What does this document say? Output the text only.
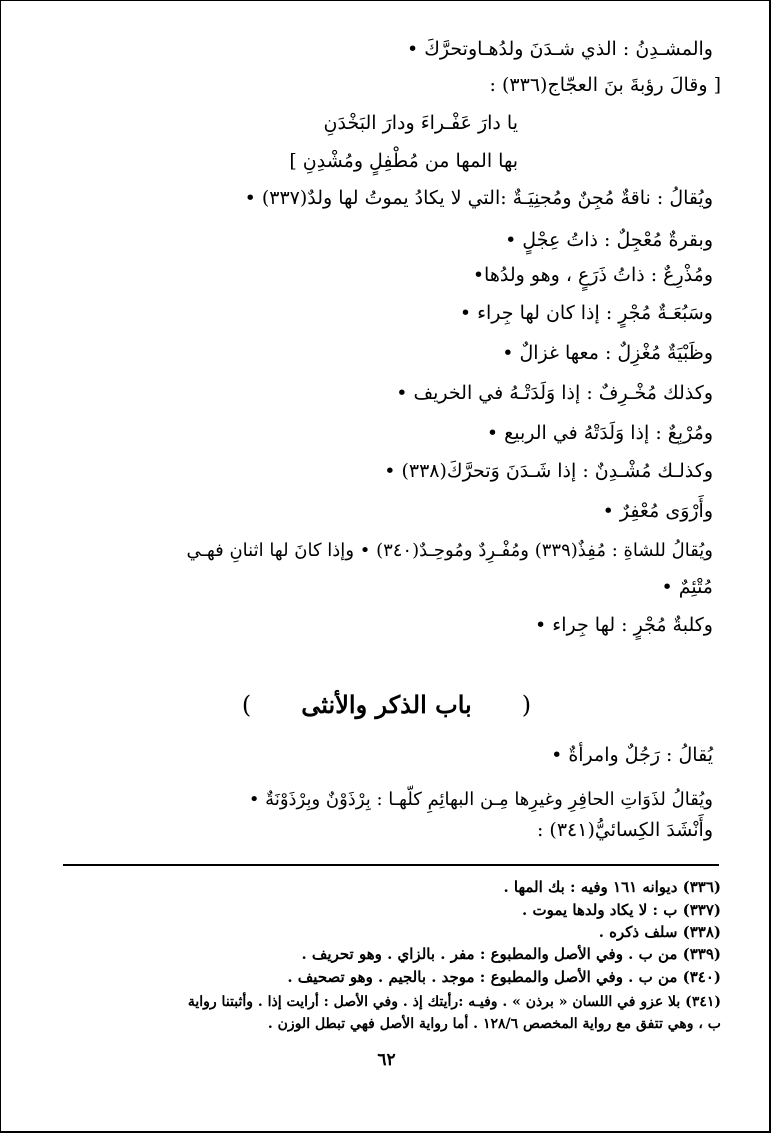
والمشـدِنُ : الذي شـدَنَ ولدُهـاوتحرَّكَ •
[ وقالَ رؤبةَ بنَ العجّاج(٣٣٦) :
يا دارَ عَفْـراءَ ودارَ البَخْدَنِ
بها المها من مُطْفِلٍ ومُشْدِنِ ]
ويُقالُ : ناقةٌ مُجِنٌ ومُجنِيَـةٌ :التي لا يكادُ يموتُ لها ولدٌ(٣٣٧) •
وبقرةٌ مُعْجِلٌ : ذاتُ عِجْلٍ •
ومُذْرِعٌ : ذاتُ ذَرَعٍ ، وهو ولدُها•
وسَبُعَـةٌ مُجْرٍ : إذا كان لها جِراء •
وظَبْيَةٌ مُغْزِلٌ : معها غزالٌ •
وكذلك مُخْـرِفٌ : إذا وَلَدَتْـهُ في الخريف •
ومُرْبِعٌ : إذا وَلَدَتْهُ في الربيع •
وكذلـك مُشْـدِنٌ : إذا شَـدَنَ وَتحرَّكَ(٣٣٨) •
وأَرْوَى مُعْفِرٌ •
ويُقالُ للشاةِ : مُفِذٌ(٣٣٩) ومُفْـرِدٌ ومُوحِـدٌ(٣٤٠) • وإذا كانَ لها اثنانِ فهـي
مُتْئِمٌ •
وكلبةٌ مُجْرٍ : لها جِراء •
(باب الذكر والأنثى)
يُقالُ : رَجُلٌ وامرأةٌ •
ويُقالُ لذَوَاتِ الحافِرِ وغيرِها مِـن البهائِمِ كلّهـا : بِرْذَوْنٌ وبِرْذَوْنَةٌ •
وأَنْشَدَ الكِسائيُّ(٣٤١) :
(٣٣٦) ديوانه ١٦١ وفيه : بك المها .
(٣٣٧) ب : لا يكاد ولدها يموت .
(٣٣٨) سلف ذكره .
(٣٣٩) من ب . وفي الأصل والمطبوع : مفر . بالزاي . وهو تحريف .
(٣٤٠) من ب . وفي الأصل والمطبوع : موجد . بالجيم . وهو تصحيف .
(٣٤١) بلا عزو في اللسان « برذن » . وفيـه :رأيتك إذ . وفي الأصل : أرايت إذا . وأثبتنا رواية
ب ، وهي تتفق مع رواية المخصص ١٢٨/٦ . أما رواية الأصل فهي تبطل الوزن .
٦٢
